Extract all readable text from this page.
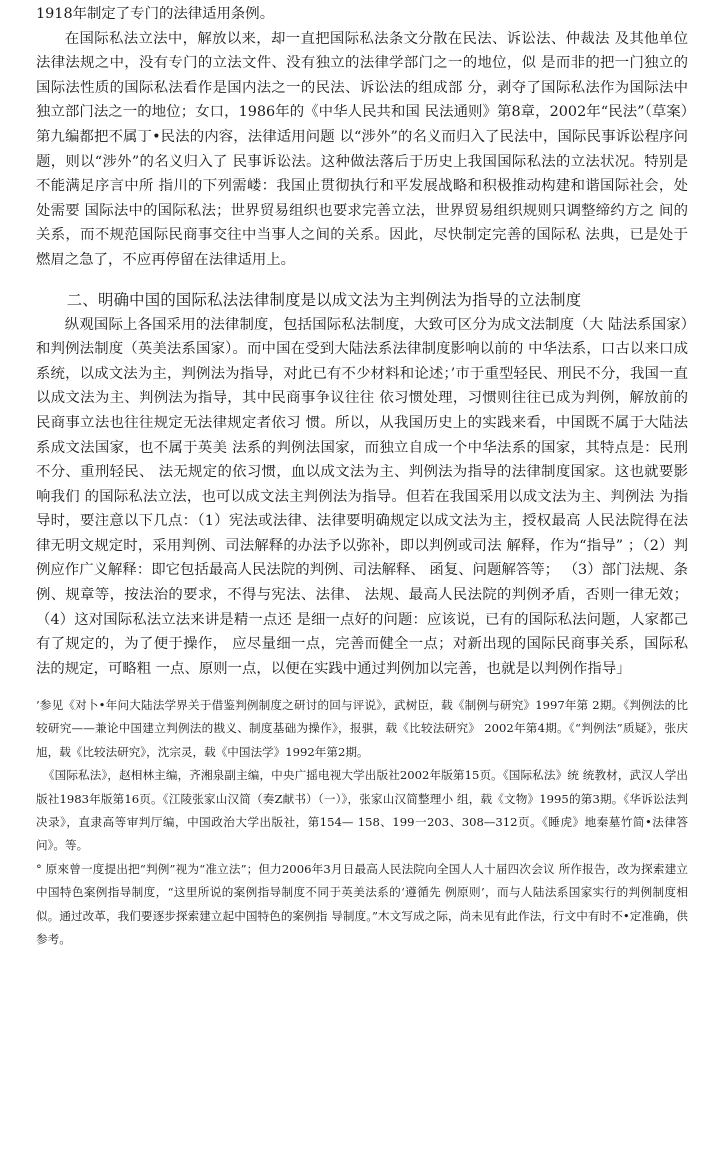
1918年制定了专门的法律适用条例。

在国际私法立法中，解放以来，却一直把国际私法条文分散在民法、诉讼法、仲裁法 及其他单位法律法规之中，没有专门的立法文件、没有独立的法律学部门之一的地位，似 是而非的把一门独立的国际法性质的国际私法看作是国内法之一的民法、诉讼法的组成部 分，剥夺了国际私法作为国际法中独立部门法之一的地位；女口，1986年的《中华人民共和国 民法通则》第8章，2002年“民法”（草案）第九编都把不属丁•民法的内容，法律适用问题 以“涉外”的名义而归入了民法中，国际民事诉讼程序问题，则以“涉外”的名义归入了 民事诉讼法。这种做法落后于历史上我国国际私法的立法状况。特别是不能满足序言中所 指川的下列需嵝：我国止贯彻执行和平发展战略和积极推动构建和谐国际社会，处处需要 国际法中的国际私法；世界贸易组织也要求完善立法，世界贸易组织规则只调整缔约方之 间的关系，而不规范国际民商事交往中当事人之间的关系。因此，尽快制定完善的国际私 法典，已是处于燃眉之急了，不应再停留在法律适用上。

二、明确中国的国际私法法律制度是以成文法为主判例法为指导的立法制度

纵观国际上各国采用的法律制度，包括国际私法制度，大致可区分为成文法制度（大 陆法系国家）和判例法制度（英美法系国家）。而中国在受到大陆法系法律制度影响以前的 中华法系，口古以来口成系统，以成文法为主，判例法为指导，对此已有不少材料和论述；’市于重型轻民、刑民不分，我国一直以成文法为主、判例法为指导，其中民商事争议往往 依习惯处理，习惯则往往已成为判例，解放前的民商事立法也往往规定无法律规定者依习 惯。所以，从我国历史上的实践来看，中国既不属于大陆法系成文法国家，也不属于英美 法系的判例法国家，而独立自成一个中华法系的国家，其特点是：民刑不分、重刑轻民、 法无规定的依习惯，血以成文法为主、判例法为指导的法律制度国家。这也就要影响我们 的国际私法立法，也可以成文法主判例法为指导。但若在我国采用以成文法为主、判例法 为指导时，要注意以下几点：（1）宪法或法律、法律要明确规定以成文法为主，授权最高 人民法院得在法律无明文规定时，采用判例、司法解释的办法予以弥补，即以判例或司法 解释，作为“指导” ；（2）判例应作广义解释：即它包括最高人民法院的判例、司法解释、 函复、问题解答等； （3）部门法规、条例、规章等，按法治的要求，不得与宪法、法律、 法规、最高人民法院的判例矛盾，否则一律无效； （4）这对国际私法立法来讲是精一点还 是细一点好的问题：应该说，已有的国际私法问题，人家都己有了规定的，为了便于操作， 应尽量细一点，完善而健全一点；对新出现的国际民商事关系，国际私法的规定，可略粗 一点、原则一点，以便在实践中通过判例加以完善，也就是以判例作指导」

’参见《对卜•年问大陆法学界关于借鉴判例制度之研讨的回与评说》，武树臣，载《制例与研究》1997年第 2期。《判例法的比较研究——兼论中国建立判例法的戡义、制度基础为操作》，报骐，载《比较法研究》 2002年第4期。《“判例法”质疑》，张庆旭，载《比较法研究》，沈宗灵，载《中国法学》1992年第2期。

《国际私法》，赵相林主编，齐湘泉副主编，中央广摇电视大学出版社2002年版第15页。《国际私法》统 统教材，武汉人学出版社1983年版第16页。《江陵张家山汉简（奏Z献书）（一）》，张家山汉简整理小 组，载《文物》1995的第3期。《华诉讼法判决录》，直隶高等审判厅编，中国政治大学出版社，第154— 158、199一203、308—312页。《睡虎》地秦墓竹简•法律答问》。等。

° 原來曾一度提出把“判例”视为“准立法”；但力2006年3月日最高人民法院向全国人人十届四次会议 所作报告，改为探索建立中国特色案例指导制度，“这里所说的案例指导制度不同于英美法系的‘遵循先 例原则’，而与人陆法系国家实行的判例制度相似。通过改革，我们要逐步探索建立起中国特色的案例指 导制度。”木文写成之际，尚未见有此作法，行文中有时不•定准确，供参考。
